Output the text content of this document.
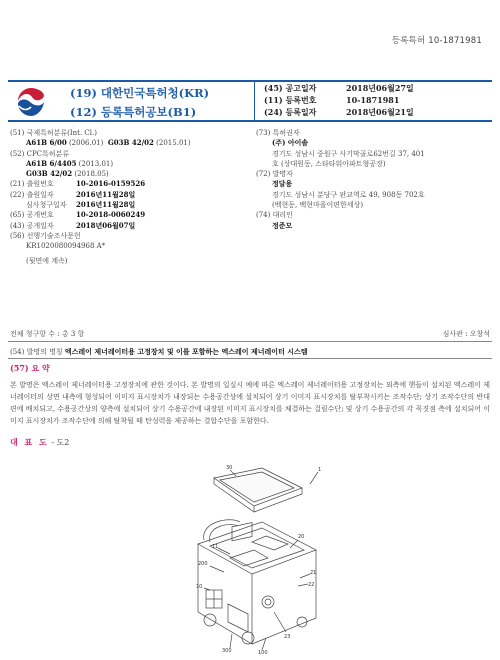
등록특허 10-1871981
(19) 대한민국특허청(KR)
(12) 등록특허공보(B1)
(45) 공고일자	2018년06월27일
(11) 등록번호	10-1871981
(24) 등록일자	2018년06월21일
(51) 국제특허분류(Int. Cl.)
A61B 6/00 (2006.01) G03B 42/02 (2015.01)
(52) CPC특허분류
A61B 6/4405 (2013.01)
G03B 42/02 (2018.05)
(21) 출원번호	10-2016-0159526
(22) 출원일자	2016년11월28일
심사청구일자 2016년11월28일
(65) 공개번호	10-2018-0060249
(43) 공개일자	2018년06월07일
(56) 선행기술조사문헌
KR1020080094968 A*
(뒷면에 계속)
(73) 특허권자
(주) 아이솔
경기도 성남시 중원구 사기막골로62번길 37, 401
호 (상대원동, 스타타워아파트형공장)
(72) 발명자
정달용
경기도 성남시 분당구 판교역로 49, 908동 702호
(백현동, 백현마을이편한세상)
(74) 대리인
정준모
전체 청구항 수 : 총 3 항	심사관 : 오창석
(54) 발명의 명칭 엑스레이 제너레이터용 고정장치 및 이를 포함하는 엑스레이 제너레이터 시스템
(57) 요 약
본 발명은 엑스레이 제너레이터용 고정장치에 관한 것이다. 본 발명의 일실시 예에 따른 엑스레이 제너레이터용 고정장치는 외측에 핸들이 설치된 엑스레이 제너레이터의 상면 내측에 형성되어 이미지 표시장치가 내장되는 수용공간상에 설치되어 상기 이미지 표시장치를 탈부착시키는 조작수단; 상기 조작수단의 반대편에 배치되고, 수용공간상의 양측에 설치되어 상기 수용공간에 내장된 이미지 표시장치를 체결하는 걸림수단; 및 상기 수용공간의 각 꼭짓점 측에 설치되어 이미지 표시장치가 조작수단에 의해 탈착될 때 탄성력을 제공하는 결합수단을 포함한다.
대 표 도 - 도2
30	1
11
20
200
10
21
22
23
300	100
